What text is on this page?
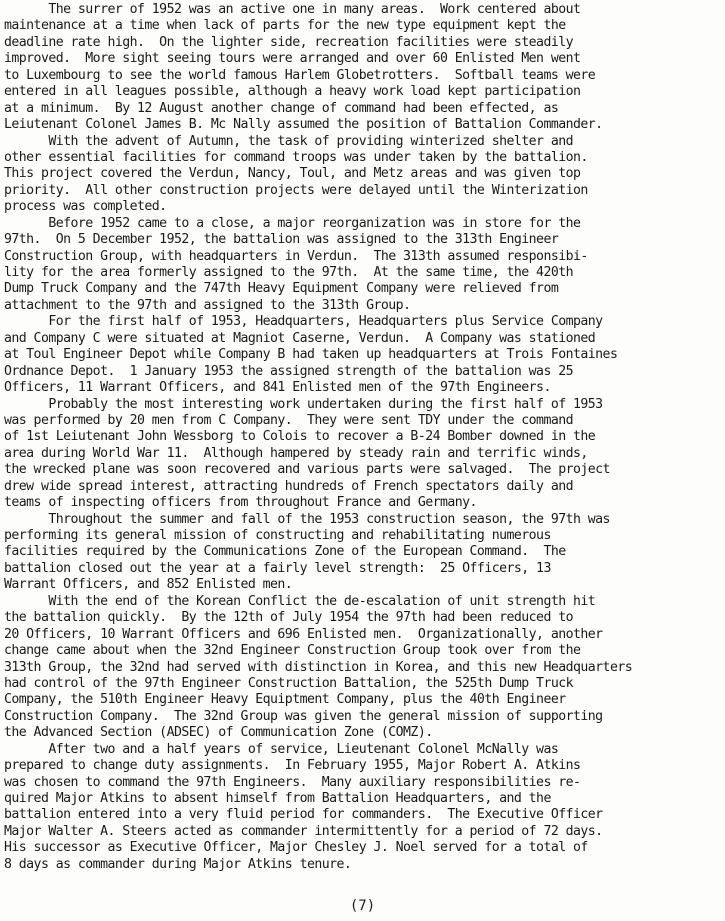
The surrer of 1952 was an active one in many areas.  Work centered about
maintenance at a time when lack of parts for the new type equipment kept the
deadline rate high.  On the lighter side, recreation facilities were steadily
improved.  More sight seeing tours were arranged and over 60 Enlisted Men went
to Luxembourg to see the world famous Harlem Globetrotters.  Softball teams were
entered in all leagues possible, although a heavy work load kept participation
at a minimum.  By 12 August another change of command had been effected, as
Leiutenant Colonel James B. Mc Nally assumed the position of Battalion Commander.
With the advent of Autumn, the task of providing winterized shelter and
other essential facilities for command troops was under taken by the battalion.
This project covered the Verdun, Nancy, Toul, and Metz areas and was given top
priority.  All other construction projects were delayed until the Winterization
process was completed.
Before 1952 came to a close, a major reorganization was in store for the
97th.  On 5 December 1952, the battalion was assigned to the 313th Engineer
Construction Group, with headquarters in Verdun.  The 313th assumed responsibi-
lity for the area formerly assigned to the 97th.  At the same time, the 420th
Dump Truck Company and the 747th Heavy Equipment Company were relieved from
attachment to the 97th and assigned to the 313th Group.
For the first half of 1953, Headquarters, Headquarters plus Service Company
and Company C were situated at Magniot Caserne, Verdun.  A Company was stationed
at Toul Engineer Depot while Company B had taken up headquarters at Trois Fontaines
Ordnance Depot.  1 January 1953 the assigned strength of the battalion was 25
Officers, 11 Warrant Officers, and 841 Enlisted men of the 97th Engineers.
Probably the most interesting work undertaken during the first half of 1953
was performed by 20 men from C Company.  They were sent TDY under the command
of 1st Leiutenant John Wessborg to Colois to recover a B-24 Bomber downed in the
area during World War 11.  Although hampered by steady rain and terrific winds,
the wrecked plane was soon recovered and various parts were salvaged.  The project
drew wide spread interest, attracting hundreds of French spectators daily and
teams of inspecting officers from throughout France and Germany.
Throughout the summer and fall of the 1953 construction season, the 97th was
performing its general mission of constructing and rehabilitating numerous
facilities required by the Communications Zone of the European Command.  The
battalion closed out the year at a fairly level strength:  25 Officers, 13
Warrant Officers, and 852 Enlisted men.
With the end of the Korean Conflict the de-escalation of unit strength hit
the battalion quickly.  By the 12th of July 1954 the 97th had been reduced to
20 Officers, 10 Warrant Officers and 696 Enlisted men.  Organizationally, another
change came about when the 32nd Engineer Construction Group took over from the
313th Group, the 32nd had served with distinction in Korea, and this new Headquarters
had control of the 97th Engineer Construction Battalion, the 525th Dump Truck
Company, the 510th Engineer Heavy Equiptment Company, plus the 40th Engineer
Construction Company.  The 32nd Group was given the general mission of supporting
the Advanced Section (ADSEC) of Communication Zone (COMZ).
After two and a half years of service, Lieutenant Colonel McNally was
prepared to change duty assignments.  In February 1955, Major Robert A. Atkins
was chosen to command the 97th Engineers.  Many auxiliary responsibilities re-
quired Major Atkins to absent himself from Battalion Headquarters, and the
battalion entered into a very fluid period for commanders.  The Executive Officer
Major Walter A. Steers acted as commander intermittently for a period of 72 days.
His successor as Executive Officer, Major Chesley J. Noel served for a total of
8 days as commander during Major Atkins tenure.
(7)
